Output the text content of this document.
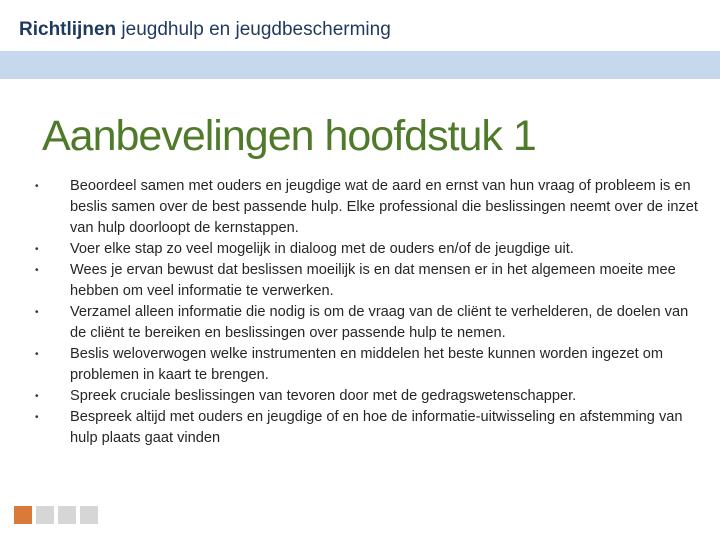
Richtlijnen jeugdhulp en jeugdbescherming
Aanbevelingen hoofdstuk 1
• Beoordeel samen met ouders en jeugdige wat de aard en ernst van hun vraag of probleem is en beslis samen over de best passende hulp. Elke professional die beslissingen neemt over de inzet van hulp doorloopt de kernstappen.
• Voer elke stap zo veel mogelijk in dialoog met de ouders en/of de jeugdige uit.
• Wees je ervan bewust dat beslissen moeilijk is en dat mensen er in het algemeen moeite mee hebben om veel informatie te verwerken.
• Verzamel alleen informatie die nodig is om de vraag van de cliënt te verhelderen, de doelen van de cliënt te bereiken en beslissingen over passende hulp te nemen.
• Beslis weloverwogen welke instrumenten en middelen het beste kunnen worden ingezet om problemen in kaart te brengen.
• Spreek cruciale beslissingen van tevoren door met de gedragswetenschapper.
• Bespreek altijd met ouders en jeugdige of en hoe de informatie-uitwisseling en afstemming van hulp plaats gaat vinden
